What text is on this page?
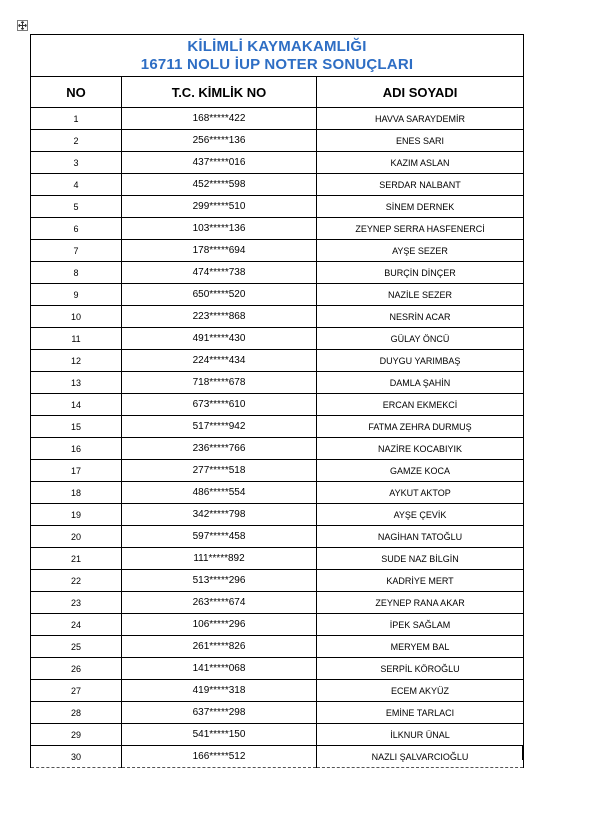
KİLİMLİ KAYMAKAMLIĞI
16711 NOLU İUP NOTER SONUÇLARI		

NO	T.C. KİMLİK NO	ADI SOYADI
1	168*****422	HAVVA SARAYDEMİR
2	256*****136	ENES SARI
3	437*****016	KAZIM ASLAN
4	452*****598	SERDAR NALBANT
5	299*****510	SİNEM DERNEK
6	103*****136	ZEYNEP SERRA HASFENERCİ
7	178*****694	AYŞE SEZER
8	474*****738	BURÇİN DİNÇER
9	650*****520	NAZİLE SEZER
10	223*****868	NESRİN ACAR
11	491*****430	GÜLAY ÖNCÜ
12	224*****434	DUYGU YARIMBAŞ
13	718*****678	DAMLA ŞAHİN
14	673*****610	ERCAN EKMEKCİ
15	517*****942	FATMA ZEHRA DURMUŞ
16	236*****766	NAZİRE KOCABIYIK
17	277*****518	GAMZE KOCA
18	486*****554	AYKUT AKTOP
19	342*****798	AYŞE ÇEVİK
20	597*****458	NAGİHAN TATOĞLU
21	111*****892	SUDE NAZ BİLGİN
22	513*****296	KADRİYE MERT
23	263*****674	ZEYNEP RANA AKAR
24	106*****296	İPEK SAĞLAM
25	261*****826	MERYEM BAL
26	141*****068	SERPİL KÖROĞLU
27	419*****318	ECEM AKYÜZ
28	637*****298	EMİNE TARLACI
29	541*****150	İLKNUR ÜNAL
30	166*****512	NAZLI ŞALVARCIOĞLU
